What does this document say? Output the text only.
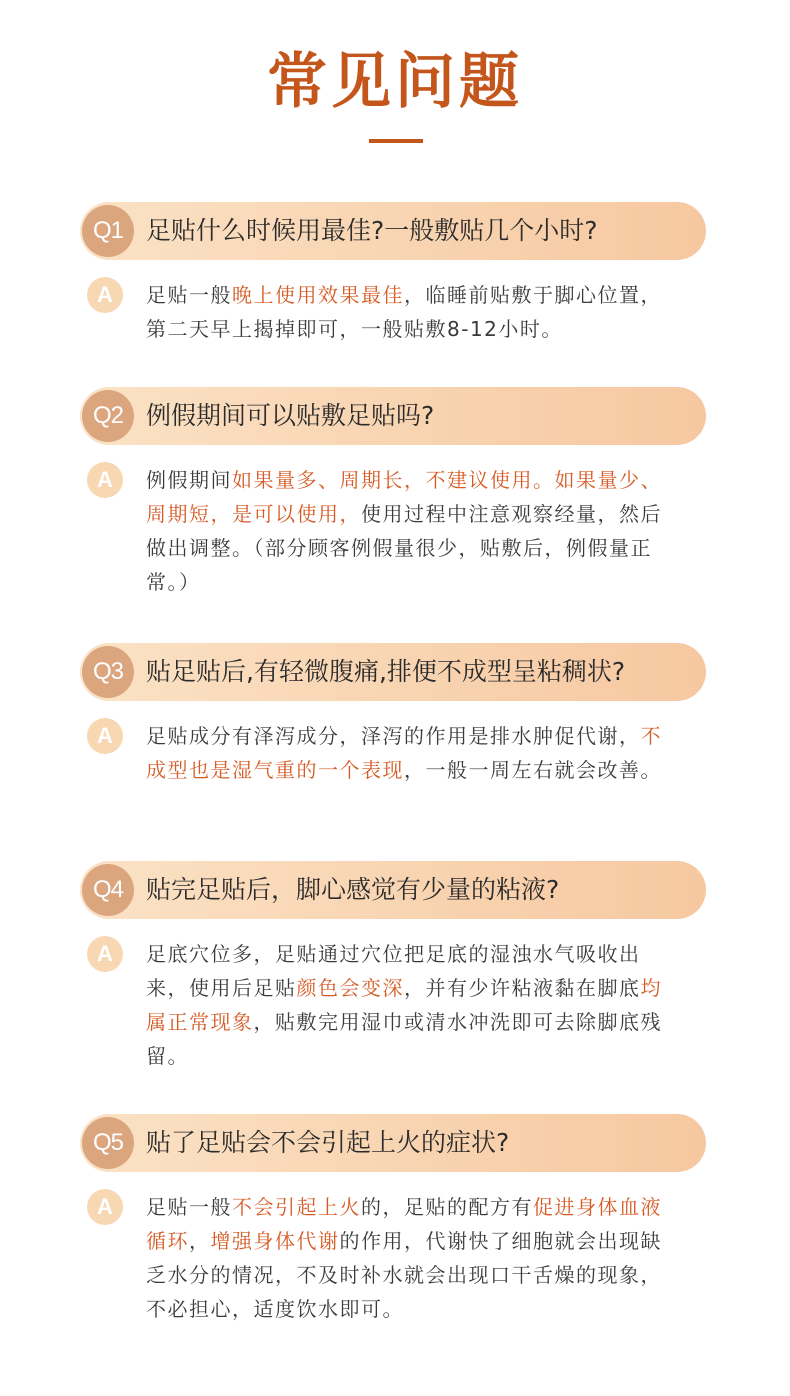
常见问题
Q1 足贴什么时候用最佳?一般敷贴几个小时?
A	足贴一般晚上使用效果最佳，临睡前贴敷于脚心位置，第二天早上揭掉即可，一般贴敷8-12小时。
Q2 例假期间可以贴敷足贴吗?
A	例假期间如果量多、周期长，不建议使用。如果量少、周期短，是可以使用，使用过程中注意观察经量，然后做出调整。（部分顾客例假量很少，贴敷后，例假量正常。）
Q3 贴足贴后,有轻微腹痛,排便不成型呈粘稠状?
A	足贴成分有泽泻成分，泽泻的作用是排水肿促代谢，不成型也是湿气重的一个表现，一般一周左右就会改善。
Q4 贴完足贴后，脚心感觉有少量的粘液?
A	足底穴位多，足贴通过穴位把足底的湿浊水气吸收出来，使用后足贴颜色会变深，并有少许粘液黏在脚底均属正常现象，贴敷完用湿巾或清水冲洗即可去除脚底残留。
Q5 贴了足贴会不会引起上火的症状?
A	足贴一般不会引起上火的，足贴的配方有促进身体血液循环，增强身体代谢的作用，代谢快了细胞就会出现缺乏水分的情况，不及时补水就会出现口干舌燥的现象，不必担心，适度饮水即可。
